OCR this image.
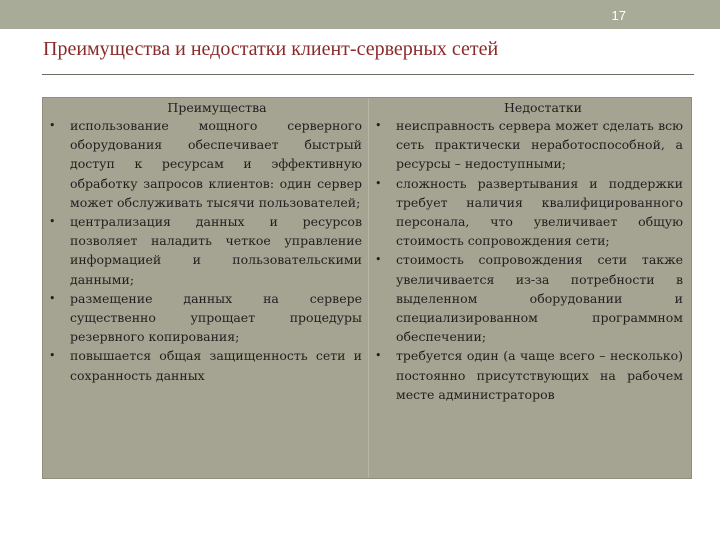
17
Преимущества и недостатки клиент-серверных сетей
Преимущества
• использование мощного серверного оборудования обеспечивает быстрый доступ к ресурсам и эффективную обработку запросов клиентов: один сервер может обслуживать тысячи пользователей;
• централизация данных и ресурсов позволяет наладить четкое управление информацией и пользовательскими данными;
• размещение данных на сервере существенно упрощает процедуры резервного копирования;
• повышается общая защищенность сети и сохранность данных
Недостатки
• неисправность сервера может сделать всю сеть практически неработоспособной, а ресурсы – недоступными;
• сложность развертывания и поддержки требует наличия квалифицированного персонала, что увеличивает общую стоимость сопровождения сети;
• стоимость сопровождения сети также увеличивается из-за потребности в выделенном оборудовании и специализированном программном обеспечении;
• требуется один (а чаще всего – несколько) постоянно присутствующих на рабочем месте администраторов
